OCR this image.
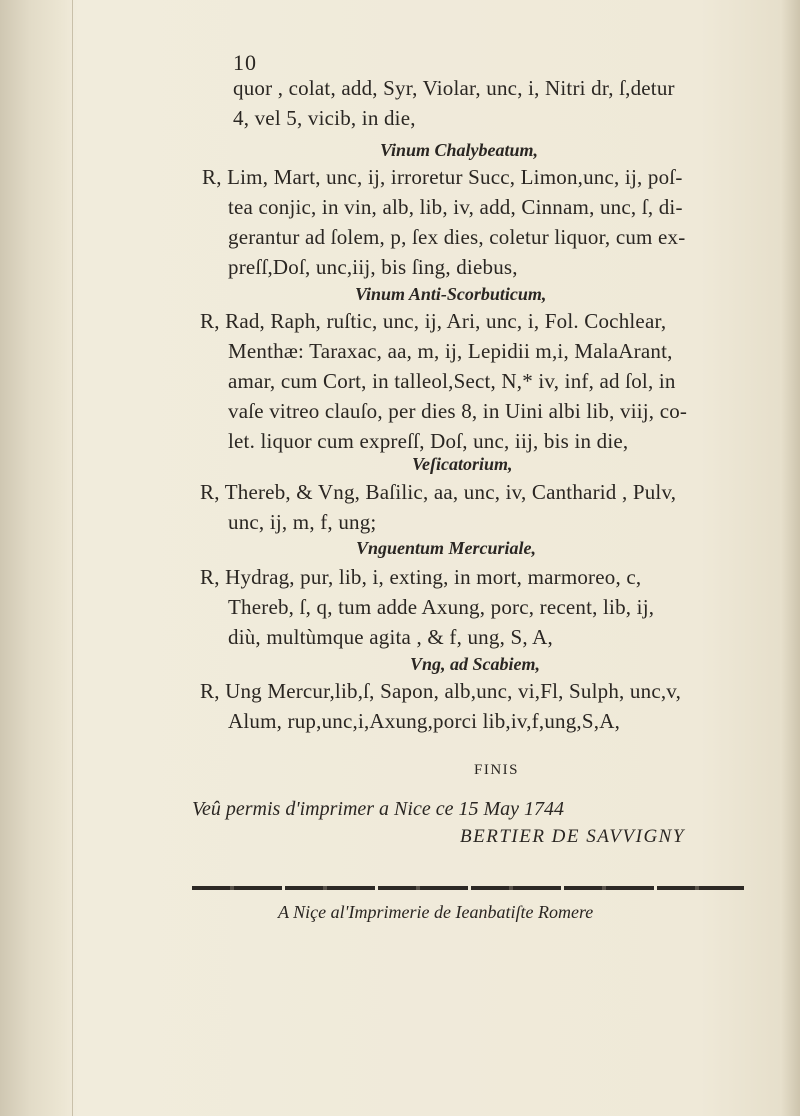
10
quor , colat, add, Syr, Violar, unc, i, Nitri dr, ſ,detur
4, vel 5, vicib, in die,
Vinum Chalybeatum,
R, Lim, Mart, unc, ij, irroretur Succ, Limon,unc, ij, poſ-
tea conjic, in vin, alb, lib, iv, add, Cinnam, unc, ſ, di-
gerantur ad ſolem, p, ſex dies, coletur liquor, cum ex-
preſſ,Doſ, unc,iij, bis ſing, diebus,
Vinum Anti-Scorbuticum,
R, Rad, Raph, ruſtic, unc, ij, Ari, unc, i, Fol. Cochlear,
Menthæ: Taraxac, aa, m, ij, Lepidii m,i, MalaArant,
amar, cum Cort, in talleol,Sect, N,* iv, inf, ad ſol, in
vaſe vitreo clauſo, per dies 8, in Uini albi lib, viij, co-
let. liquor cum expreſſ, Doſ, unc, iij, bis in die,
Veſicatorium,
R, Thereb, & Vng, Baſilic, aa, unc, iv, Cantharid , Pulv,
unc, ij, m, f, ung;
Vnguentum Mercuriale,
R, Hydrag, pur, lib, i, exting, in mort, marmoreo, c,
Thereb, ſ, q, tum adde Axung, porc, recent, lib, ij,
diù, multùmque agita , & f, ung, S, A,
Vng, ad Scabiem,
R, Ung Mercur,lib,ſ, Sapon, alb,unc, vi,Fl, Sulph, unc,v,
Alum, rup,unc,i,Axung,porci lib,iv,f,ung,S,A,
FINIS
Veû permis d'imprimer a Nice ce 15 May 1744
BERTIER DE SAVVIGNY
A Niçe al'Imprimerie de Ieanbatiſte Romere
